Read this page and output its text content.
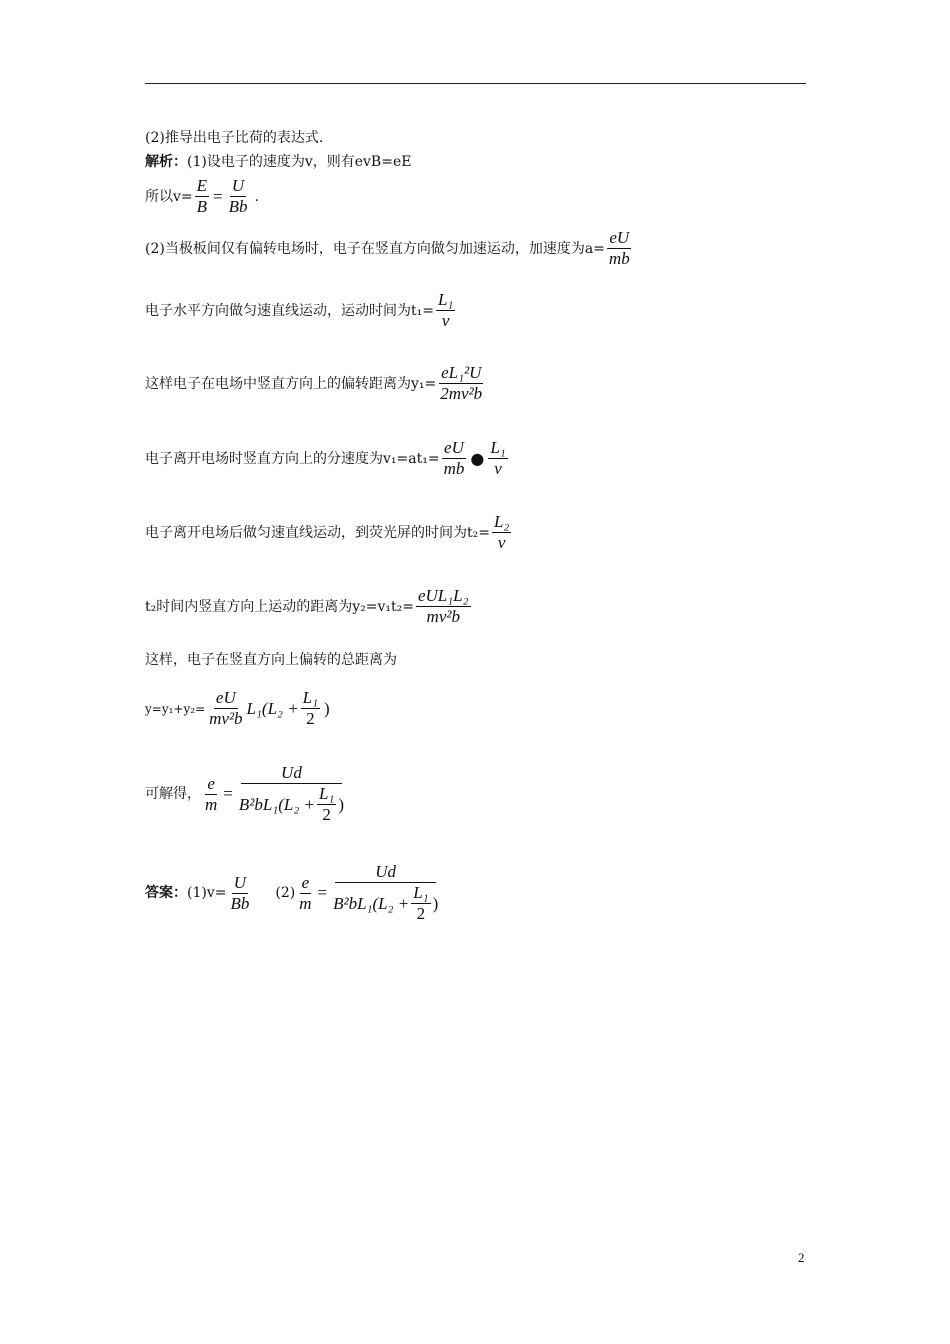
(2)推导出电子比荷的表达式.
解析：(1)设电子的速度为v，则有evB=eE
所以$v= \frac{E}{B} = \frac{U}{Bb}$ .
(2)当极板间仅有偏转电场时，电子在竖直方向做匀加速运动，加速度为$a= \frac{eU}{mb}$
电子水平方向做匀速直线运动，运动时间为$t_1= \frac{\text{L₁}}{v}$
这样电子在电场中竖直方向上的偏转距离为$y_1= \frac{\text{eL₁²U}}{\text{2mv²b}}$
电子离开电场时竖直方向上的分速度为$v_1=at_1= \frac{eU}{mb}$ ● $\frac{\text{L₁}}{v}$
电子离开电场后做匀速直线运动，到荧光屏的时间为$t_2= \frac{\text{L₂}}{v}$
t₂时间内竖直方向上运动的距离为$y_2=v_1t_2= \frac{\text{eUL₁L₂}}{\text{mv²b}}$
这样，电子在竖直方向上偏转的总距离为
$y=y_1+y_2= \frac{eU}{\text{mv²b}} L_1(L_2 + \frac{\text{L₁}}{2}$ )
可解得， $\frac{e}{m} = \frac{Ud}{B^2bL_1(L_2 + \frac{\text{L₁}}{2} )}$
答案： $(1)v= \frac{U}{Bb} (2) \frac{e}{m} = \frac{Ud}{B^2bL_1(L_2 + \frac{\text{L₁}}{2} )}$
2
